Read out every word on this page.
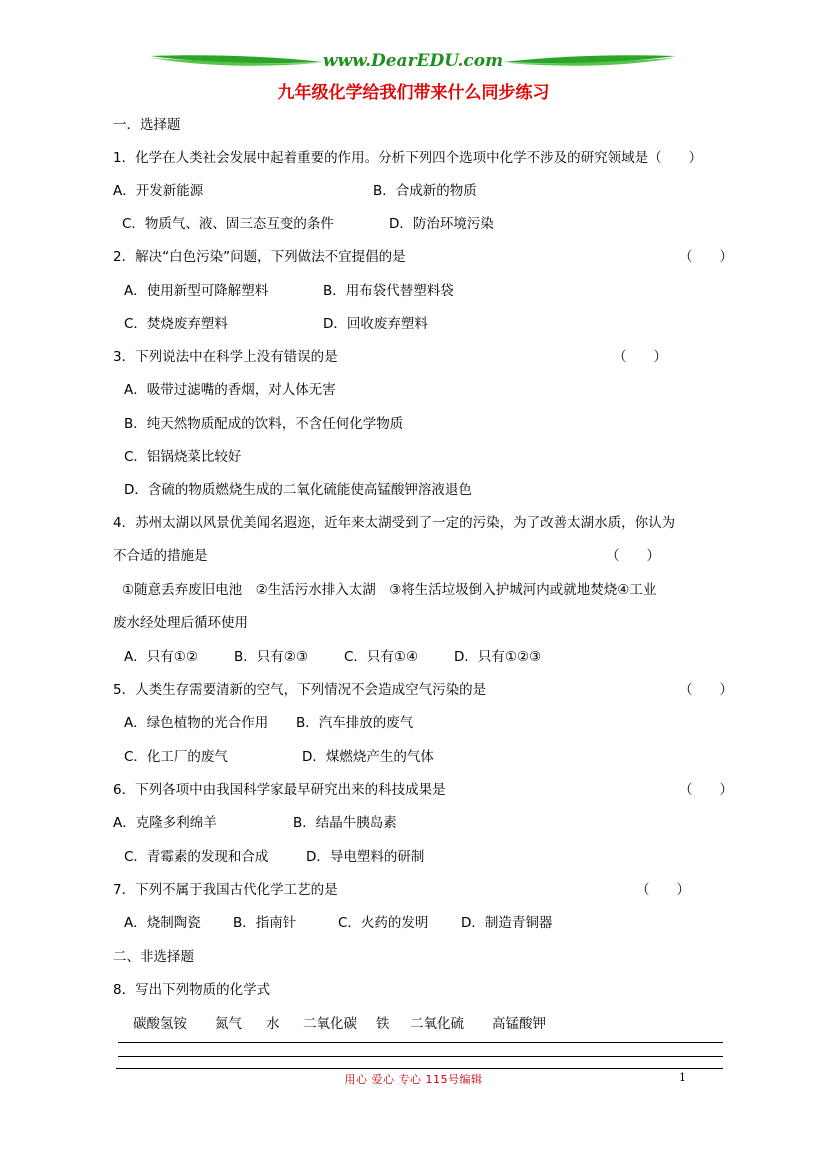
www.DearEDU.com
九年级化学给我们带来什么同步练习
一．选择题
1．化学在人类社会发展中起着重要的作用。分析下列四个选项中化学不涉及的研究领域是（　　）
A．开发新能源	B．合成新的物质
C．物质气、液、固三态互变的条件	D．防治环境污染
2．解决“白色污染”问题，下列做法不宜提倡的是	（　　）
A．使用新型可降解塑料	B．用布袋代替塑料袋
C．焚烧废弃塑料	D．回收废弃塑料
3．下列说法中在科学上没有错误的是	（　　）
A．吸带过滤嘴的香烟，对人体无害
B．纯天然物质配成的饮料，不含任何化学物质
C．铝锅烧菜比较好
D．含硫的物质燃烧生成的二氧化硫能使高锰酸钾溶液退色
4．苏州太湖以风景优美闻名遐迩，近年来太湖受到了一定的污染，为了改善太湖水质，你认为
不合适的措施是	（　　）
①随意丢弃废旧电池　②生活污水排入太湖　③将生活垃圾倒入护城河内或就地焚烧④工业
废水经处理后循环使用
A．只有①②	B．只有②③	C．只有①④	D．只有①②③
5．人类生存需要清新的空气，下列情况不会造成空气污染的是	（　　）
A．绿色植物的光合作用 B．汽车排放的废气
C．化工厂的废气	D．煤燃烧产生的气体
6．下列各项中由我国科学家最早研究出来的科技成果是	（　　）
A．克隆多利绵羊	B．结晶牛胰岛素
C．青霉素的发现和合成	D．导电塑料的研制
7．下列不属于我国古代化学工艺的是	（　　）
A．烧制陶瓷 B．指南针	C．火药的发明 D．制造青铜器
二、非选择题
8．写出下列物质的化学式
碳酸氢铵 氮气 水 二氧化碳 铁 二氧化硫 高锰酸钾
用心 爱心 专心 115号编辑	1
